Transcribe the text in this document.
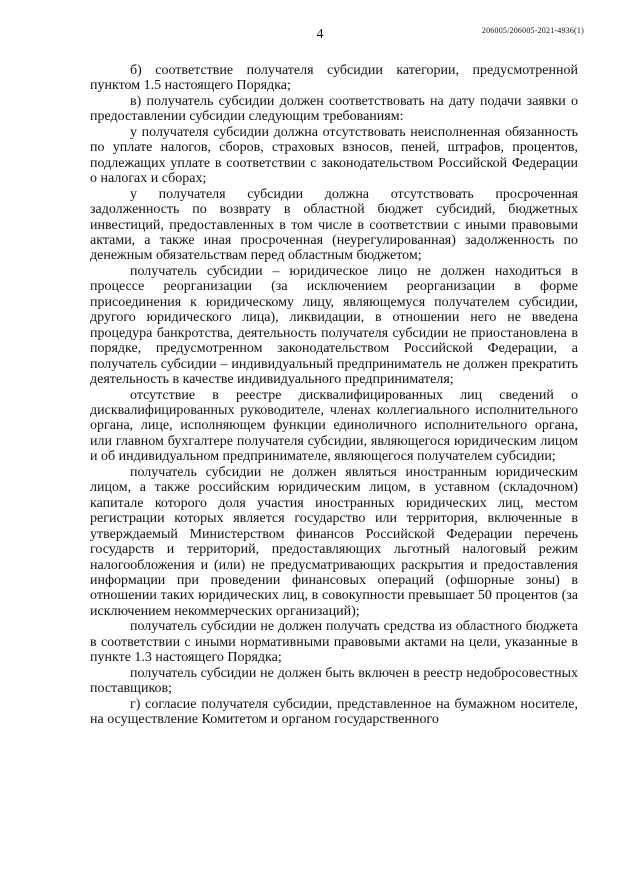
4	206005/206005-2021-4936(1)

б) соответствие получателя субсидии категории, предусмотренной пунктом 1.5 настоящего Порядка;

в) получатель субсидии должен соответствовать на дату подачи заявки о предоставлении субсидии следующим требованиям:

у получателя субсидии должна отсутствовать неисполненная обязанность по уплате налогов, сборов, страховых взносов, пеней, штрафов, процентов, подлежащих уплате в соответствии с законодательством Российской Федерации о налогах и сборах;

у получателя субсидии должна отсутствовать просроченная задолженность по возврату в областной бюджет субсидий, бюджетных инвестиций, предоставленных в том числе в соответствии с иными правовыми актами, а также иная просроченная (неурегулированная) задолженность по денежным обязательствам перед областным бюджетом;

получатель субсидии – юридическое лицо не должен находиться в процессе реорганизации (за исключением реорганизации в форме присоединения к юридическому лицу, являющемуся получателем субсидии, другого юридического лица), ликвидации, в отношении него не введена процедура банкротства, деятельность получателя субсидии не приостановлена в порядке, предусмотренном законодательством Российской Федерации, а получатель субсидии – индивидуальный предприниматель не должен прекратить деятельность в качестве индивидуального предпринимателя;

отсутствие в реестре дисквалифицированных лиц сведений о дисквалифицированных руководителе, членах коллегиального исполнительного органа, лице, исполняющем функции единоличного исполнительного органа, или главном бухгалтере получателя субсидии, являющегося юридическим лицом и об индивидуальном предпринимателе, являющегося получателем субсидии;

получатель субсидии не должен являться иностранным юридическим лицом, а также российским юридическим лицом, в уставном (складочном) капитале которого доля участия иностранных юридических лиц, местом регистрации которых является государство или территория, включенные в утверждаемый Министерством финансов Российской Федерации перечень государств и территорий, предоставляющих льготный налоговый режим налогообложения и (или) не предусматривающих раскрытия и предоставления информации при проведении финансовых операций (офшорные зоны) в отношении таких юридических лиц, в совокупности превышает 50 процентов (за исключением некоммерческих организаций);

получатель субсидии не должен получать средства из областного бюджета в соответствии с иными нормативными правовыми актами на цели, указанные в пункте 1.3 настоящего Порядка;

получатель субсидии не должен быть включен в реестр недобросовестных поставщиков;

г) согласие получателя субсидии, представленное на бумажном носителе, на осуществление Комитетом и органом государственного
